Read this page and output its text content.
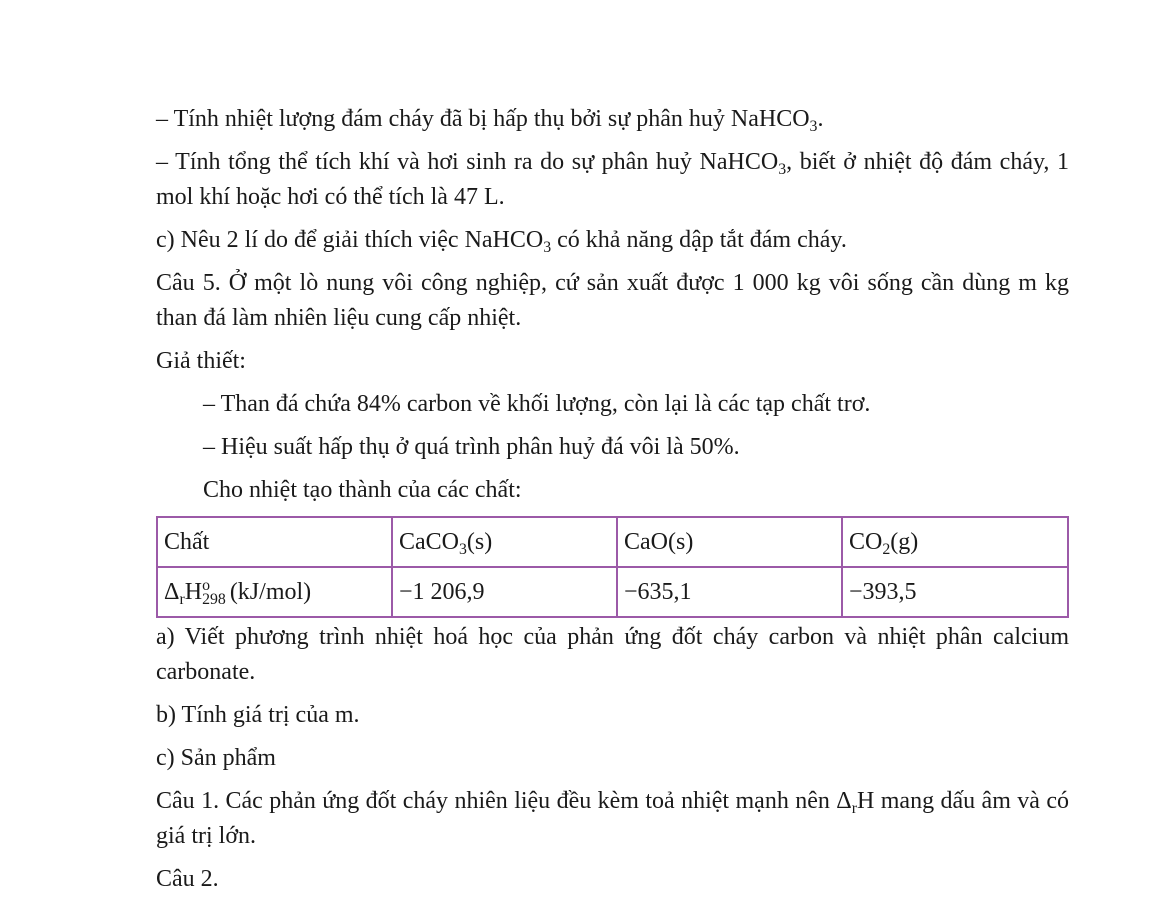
– Tính nhiệt lượng đám cháy đã bị hấp thụ bởi sự phân huỷ NaHCO$_3$.

– Tính tổng thể tích khí và hơi sinh ra do sự phân huỷ NaHCO$_3$, biết ở nhiệt độ đám cháy, 1 mol khí hoặc hơi có thể tích là 47 L.

c) Nêu 2 lí do để giải thích việc NaHCO$_3$ có khả năng dập tắt đám cháy.

Câu 5. Ở một lò nung vôi công nghiệp, cứ sản xuất được 1 000 kg vôi sống cần dùng m kg than đá làm nhiên liệu cung cấp nhiệt.

Giả thiết:

– Than đá chứa 84% carbon về khối lượng, còn lại là các tạp chất trơ.

– Hiệu suất hấp thụ ở quá trình phân huỷ đá vôi là 50%.

Cho nhiệt tạo thành của các chất:

Chất	CaCO$_3$(s)	CaO(s)	$CO_2(g)$
$\Delta_rH$ o
298 (kJ/mol)	−1 206,9	−635,1	−393,5

a) Viết phương trình nhiệt hoá học của phản ứng đốt cháy carbon và nhiệt phân calcium carbonate.

b) Tính giá trị của m.

c) Sản phẩm

Câu 1. Các phản ứng đốt cháy nhiên liệu đều kèm toả nhiệt mạnh nên $\Delta_rH$ mang dấu âm và có giá trị lớn.

Câu 2.
